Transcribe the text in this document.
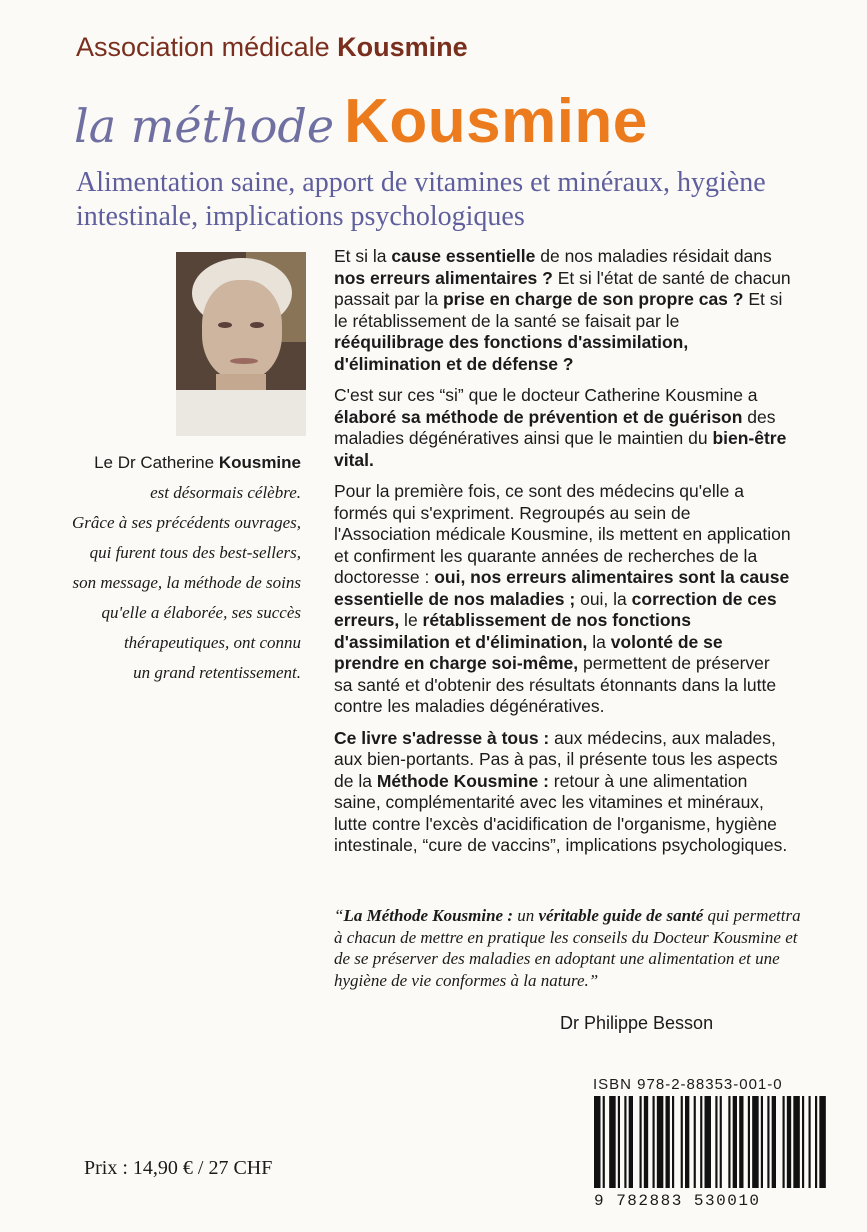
Association médicale Kousmine
la méthode Kousmine
Alimentation saine, apport de vitamines et minéraux, hygiène intestinale, implications psychologiques
Le Dr Catherine Kousmine
est désormais célèbre.
Grâce à ses précédents ouvrages,
qui furent tous des best-sellers,
son message, la méthode de soins
qu'elle a élaborée, ses succès
thérapeutiques, ont connu
un grand retentissement.

Et si la cause essentielle de nos maladies résidait dans nos erreurs alimentaires ? Et si l'état de santé de chacun passait par la prise en charge de son propre cas ? Et si le rétablissement de la santé se faisait par le rééquilibrage des fonctions d'assimilation, d'élimination et de défense ?

C'est sur ces “si” que le docteur Catherine Kousmine a élaboré sa méthode de prévention et de guérison des maladies dégénératives ainsi que le maintien du bien-être vital.

Pour la première fois, ce sont des médecins qu'elle a formés qui s'expriment. Regroupés au sein de l'Association médicale Kousmine, ils mettent en application et confirment les quarante années de recherches de la doctoresse : oui, nos erreurs alimentaires sont la cause essentielle de nos maladies ; oui, la correction de ces erreurs, le rétablissement de nos fonctions d'assimilation et d'élimination, la volonté de se prendre en charge soi-même, permettent de préserver sa santé et d'obtenir des résultats étonnants dans la lutte contre les maladies dégénératives.

Ce livre s'adresse à tous : aux médecins, aux malades, aux bien-portants. Pas à pas, il présente tous les aspects de la Méthode Kousmine : retour à une alimentation saine, complémentarité avec les vitamines et minéraux, lutte contre l'excès d'acidification de l'organisme, hygiène intestinale, “cure de vaccins”, implications psychologiques.

“La Méthode Kousmine : un véritable guide de santé qui permettra à chacun de mettre en pratique les conseils du Docteur Kousmine et de se préserver des maladies en adoptant une alimentation et une hygiène de vie conformes à la nature.”
Dr Philippe Besson
ISBN 978-2-88353-001-0
9 782883 530010
Prix : 14,90 € / 27 CHF
